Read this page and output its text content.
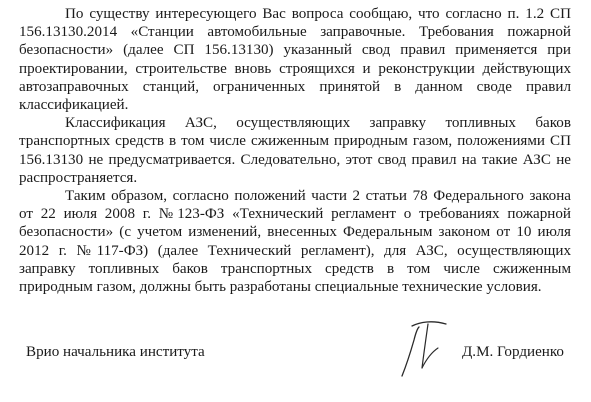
По существу интересующего Вас вопроса сообщаю, что согласно п. 1.2 СП 156.13130.2014 «Станции автомобильные заправочные. Требования пожарной безопасности» (далее СП 156.13130) указанный свод правил применяется при проектировании, строительстве вновь строящихся и реконструкции действующих автозаправочных станций, ограниченных принятой в данном своде правил классификацией.

Классификация АЗС, осуществляющих заправку топливных баков транспортных средств в том числе сжиженным природным газом, положениями СП 156.13130 не предусматривается. Следовательно, этот свод правил на такие АЗС не распространяется.

Таким образом, согласно положений части 2 статьи 78 Федерального закона от 22 июля 2008 г. №123-ФЗ «Технический регламент о требованиях пожарной безопасности» (с учетом изменений, внесенных Федеральным законом от 10 июля 2012 г. №117-ФЗ) (далее Технический регламент), для АЗС, осуществляющих заправку топливных баков транспортных средств в том числе сжиженным природным газом, должны быть разработаны специальные технические условия.

Врио начальника института	Д.М. Гордиенко
